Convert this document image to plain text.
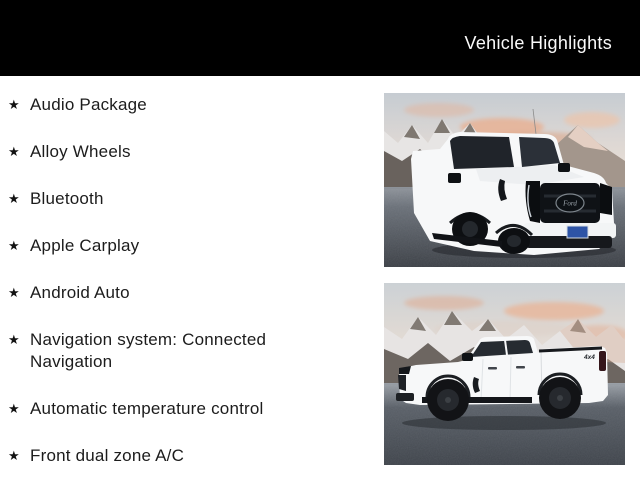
Vehicle Highlights
★ Audio Package
★ Alloy Wheels
★ Bluetooth
★ Apple Carplay
★ Android Auto
★ Navigation system: Connected Navigation
★ Automatic temperature control
★ Front dual zone A/C
Ford
4x4
